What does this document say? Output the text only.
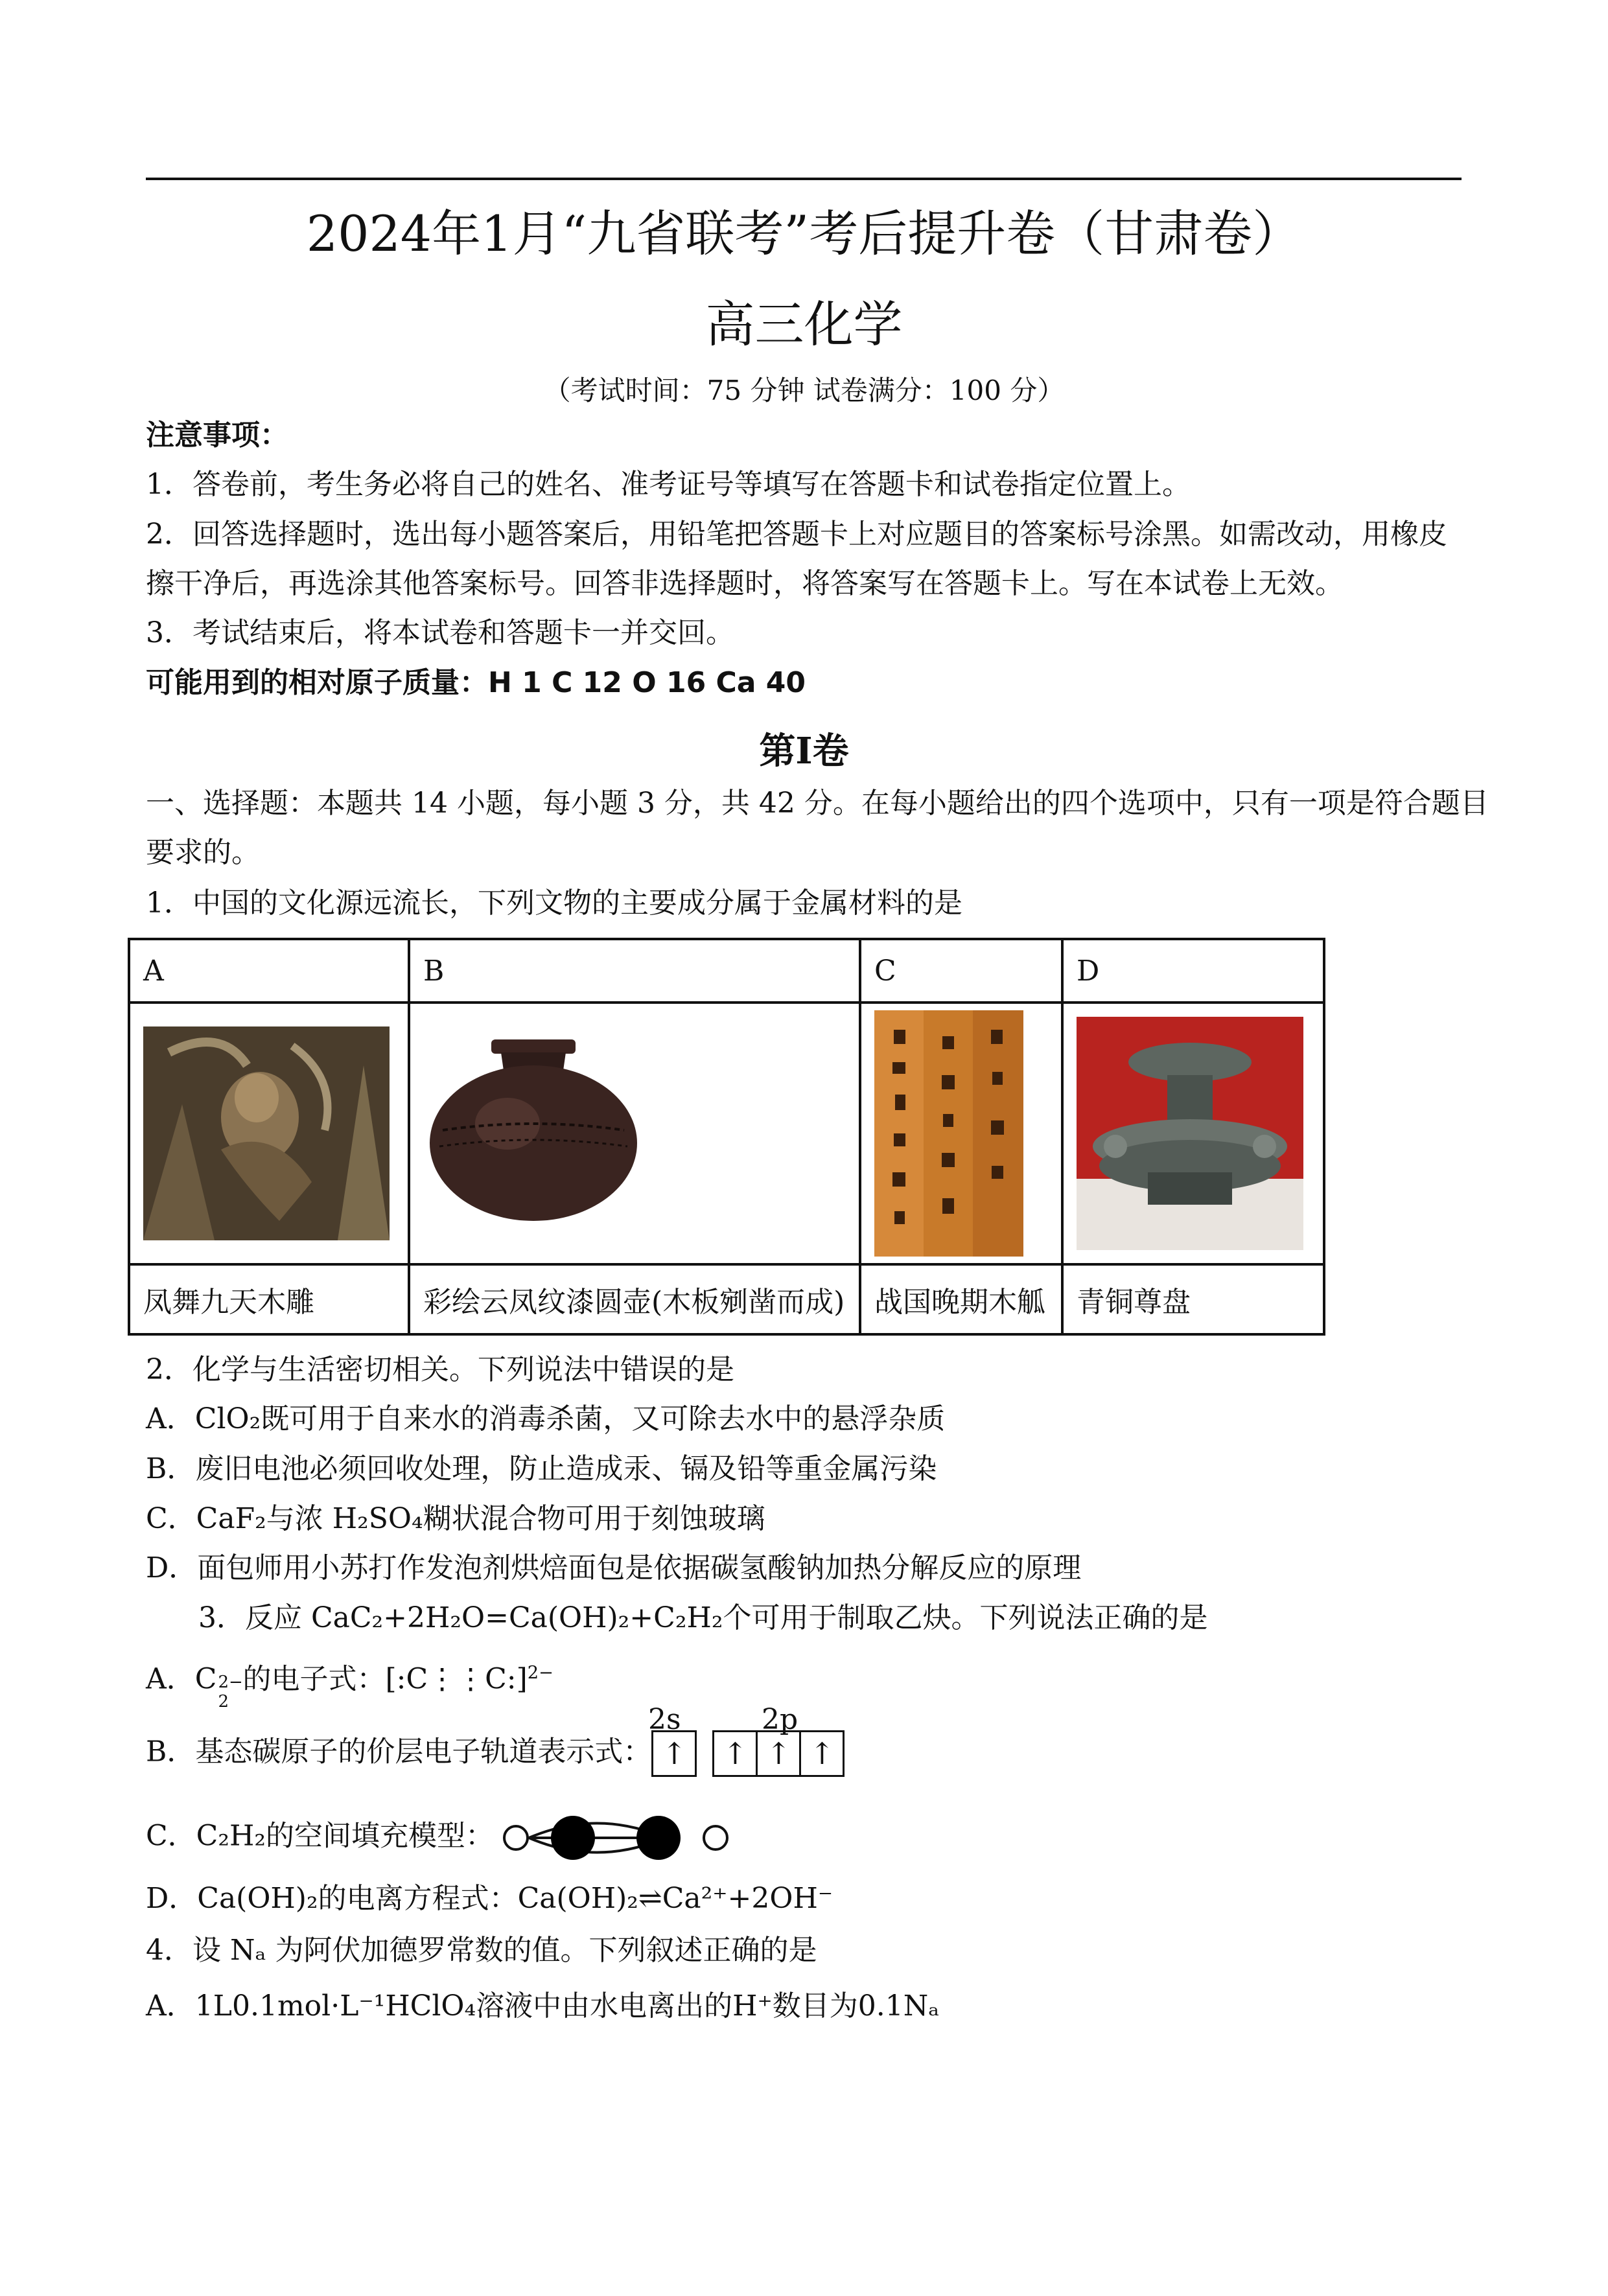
2024年1月“九省联考”考后提升卷（甘肃卷）
高三化学
（考试时间：75 分钟 试卷满分：100 分）
注意事项：
1．答卷前，考生务必将自己的姓名、准考证号等填写在答题卡和试卷指定位置上。
2．回答选择题时，选出每小题答案后，用铅笔把答题卡上对应题目的答案标号涂黑。如需改动，用橡皮
擦干净后，再选涂其他答案标号。回答非选择题时，将答案写在答题卡上。写在本试卷上无效。
3．考试结束后，将本试卷和答题卡一并交回。
可能用到的相对原子质量：H 1 C 12 O 16 Ca 40
第Ⅰ卷
一、选择题：本题共 14 小题，每小题 3 分，共 42 分。在每小题给出的四个选项中，只有一项是符合题目
要求的。
1．中国的文化源远流长，下列文物的主要成分属于金属材料的是
A	B	C	D

凤舞九天木雕	彩绘云凤纹漆圆壶(木板剜凿而成)	战国晚期木觚	青铜尊盘
2．化学与生活密切相关。下列说法中错误的是
A．ClO₂既可用于自来水的消毒杀菌，又可除去水中的悬浮杂质
B．废旧电池必须回收处理，防止造成汞、镉及铅等重金属污染
C．CaF₂与浓 H₂SO₄糊状混合物可用于刻蚀玻璃
D．面包师用小苏打作发泡剂烘焙面包是依据碳氢酸钠加热分解反应的原理
3．反应 CaC₂+2H₂O=Ca(OH)₂+C₂H₂个可用于制取乙炔。下列说法正确的是
A．C 2−
2
的电子式：[:C⋮⋮C:]$^{2-}$
2s	2p
B．基态碳原子的价层电子轨道表示式： ↑ ↑ ↑ ↑
C．C₂H₂的空间填充模型：
D．Ca(OH)₂的电离方程式：Ca(OH)₂⇌Ca²⁺+2OH⁻
4．设 Nₐ 为阿伏加德罗常数的值。下列叙述正确的是
A．1L0.1mol·L⁻¹HClO₄溶液中由水电离出的H⁺数目为0.1Nₐ
